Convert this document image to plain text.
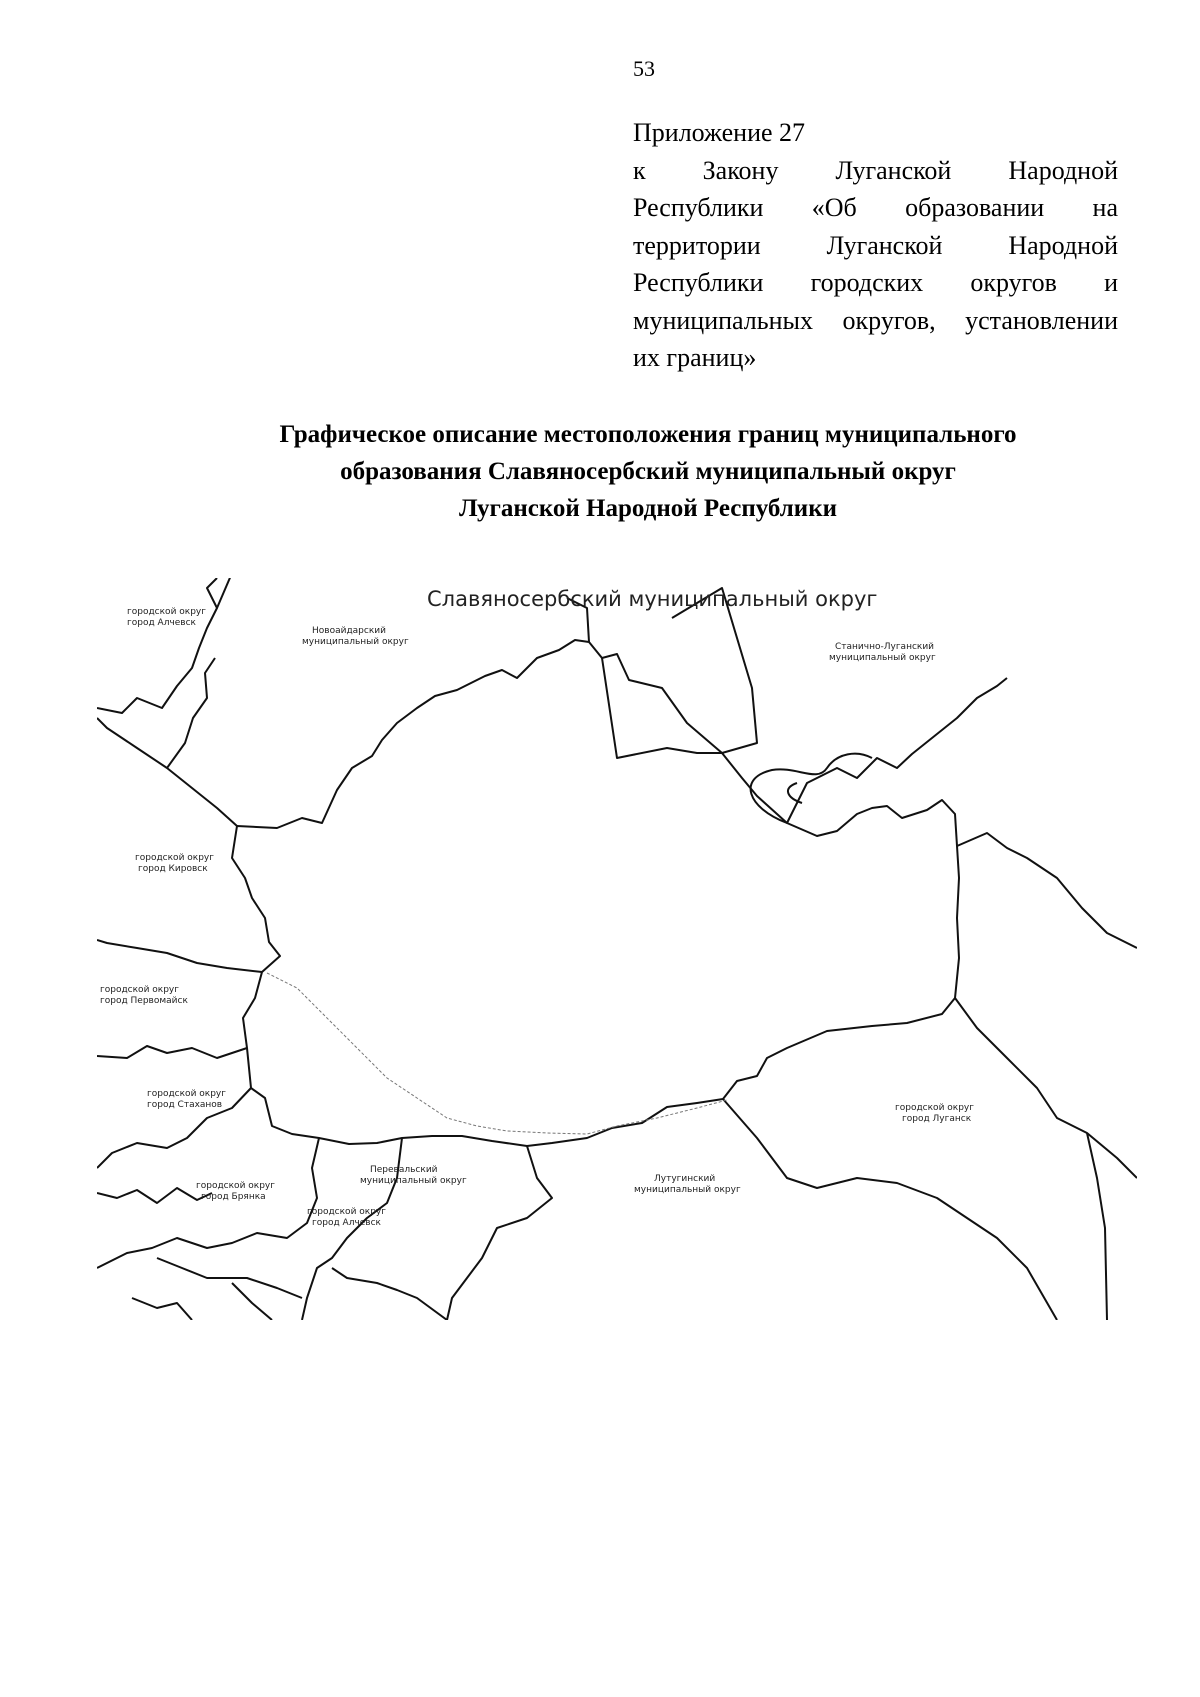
53
Приложение 27
к Закону Луганской Народной
Республики «Об образовании на
территории Луганской Народной
Республики городских округов и
муниципальных округов, установлении
их границ»
Графическое описание местоположения границ муниципального
образования Славяносербский муниципальный округ
Луганской Народной Республики
Славяносербский муниципальный округ
городской округ
город Алчевск
Новоайдарский
муниципальный округ	Станично-Луганский
муниципальный округ
городской округ
город Кировск
городской округ
город Первомайск
городской округ
город Стаханов	городской округ
город Луганск
городской округ
город Брянка
Перевальский
муниципальный округ	Лутугинский
муниципальный округ
городской округ
город Алчевск
